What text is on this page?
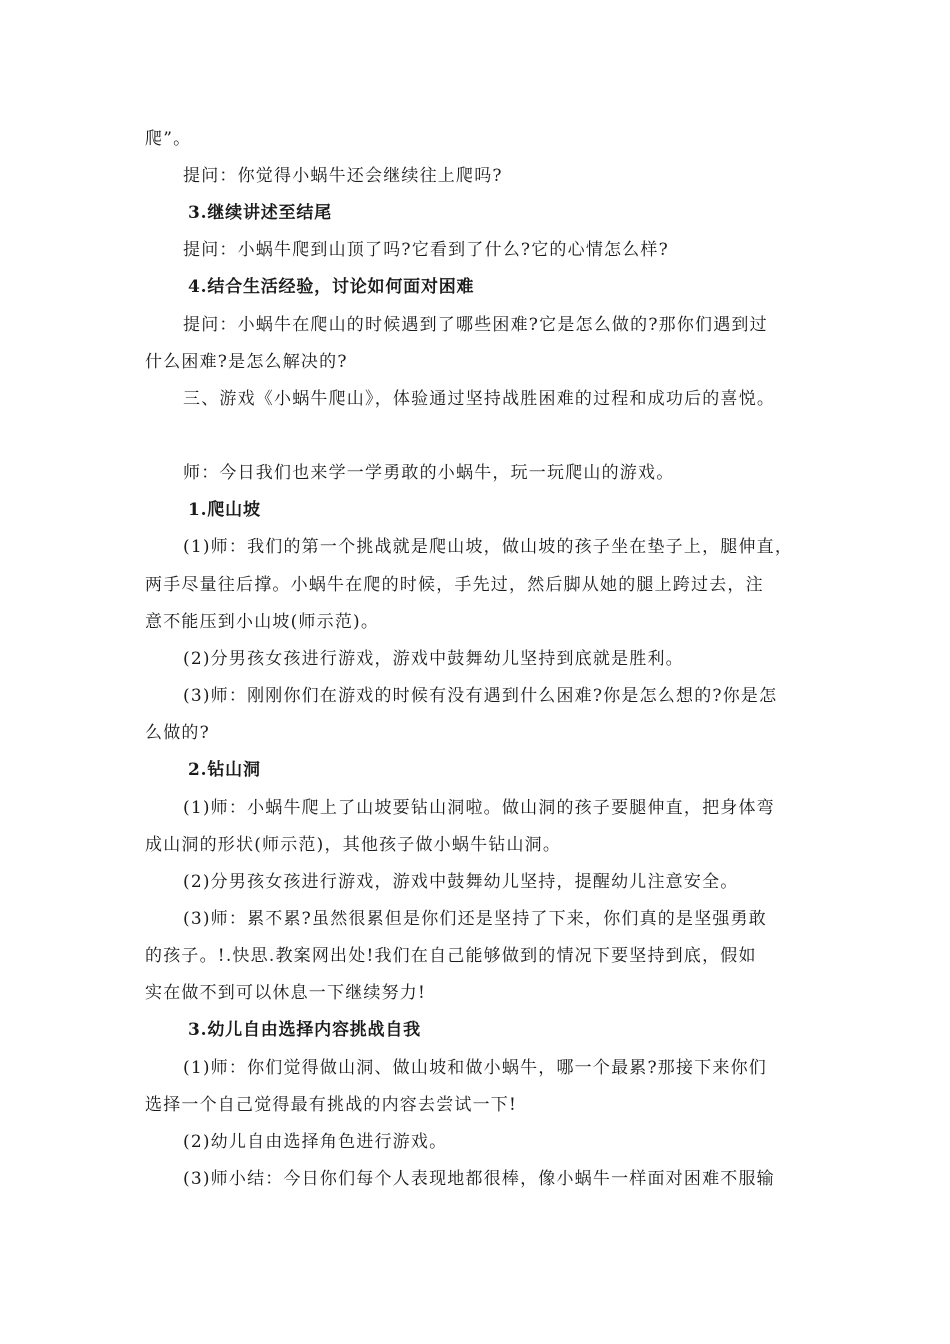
爬”。
提问：你觉得小蜗牛还会继续往上爬吗?
3.继续讲述至结尾
提问：小蜗牛爬到山顶了吗?它看到了什么?它的心情怎么样?
4.结合生活经验，讨论如何面对困难
提问：小蜗牛在爬山的时候遇到了哪些困难?它是怎么做的?那你们遇到过
什么困难?是怎么解决的?
三、游戏《小蜗牛爬山》，体验通过坚持战胜困难的过程和成功后的喜悦。
师：今日我们也来学一学勇敢的小蜗牛，玩一玩爬山的游戏。
1.爬山坡
(1)师：我们的第一个挑战就是爬山坡，做山坡的孩子坐在垫子上，腿伸直，
两手尽量往后撑。小蜗牛在爬的时候，手先过，然后脚从她的腿上跨过去，注
意不能压到小山坡(师示范)。
(2)分男孩女孩进行游戏，游戏中鼓舞幼儿坚持到底就是胜利。
(3)师：刚刚你们在游戏的时候有没有遇到什么困难?你是怎么想的?你是怎
么做的?
2.钻山洞
(1)师：小蜗牛爬上了山坡要钻山洞啦。做山洞的孩子要腿伸直，把身体弯
成山洞的形状(师示范)，其他孩子做小蜗牛钻山洞。
(2)分男孩女孩进行游戏，游戏中鼓舞幼儿坚持，提醒幼儿注意安全。
(3)师：累不累?虽然很累但是你们还是坚持了下来，你们真的是坚强勇敢
的孩子。!.快思.教案网出处!我们在自己能够做到的情况下要坚持到底，假如
实在做不到可以休息一下继续努力!
3.幼儿自由选择内容挑战自我
(1)师：你们觉得做山洞、做山坡和做小蜗牛，哪一个最累?那接下来你们
选择一个自己觉得最有挑战的内容去尝试一下!
(2)幼儿自由选择角色进行游戏。
(3)师小结：今日你们每个人表现地都很棒，像小蜗牛一样面对困难不服输
